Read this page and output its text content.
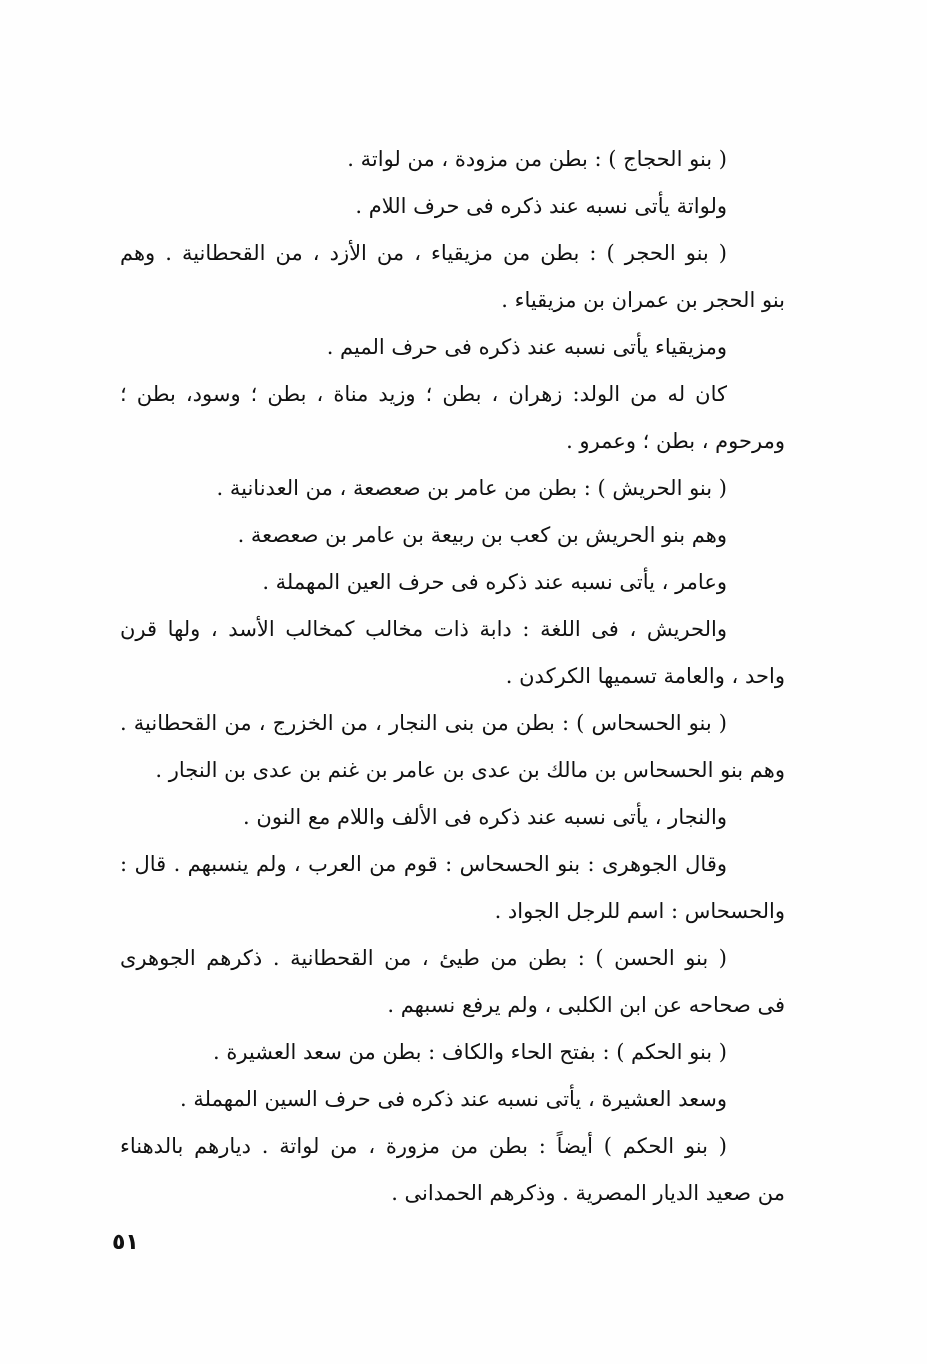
( بنو الحجاج ) : بطن من مزودة ، من لواتة .
ولواتة يأتى نسبه عند ذكره فى حرف اللام .
( بنو الحجر ) : بطن من مزيقياء ، من الأزد ، من القحطانية . وهم
بنو الحجر بن عمران بن مزيقياء .
ومزيقياء يأتى نسبه عند ذكره فى حرف الميم .
كان له من الولد: زهران ، بطن ؛ وزيد مناة ، بطن ؛ وسود، بطن ؛
ومرحوم ، بطن ؛ وعمرو .
( بنو الحريش ) : بطن من عامر بن صعصعة ، من العدنانية .
وهم بنو الحريش بن كعب بن ربيعة بن عامر بن صعصعة .
وعامر ، يأتى نسبه عند ذكره فى حرف العين المهملة .
والحريش ، فى اللغة : دابة ذات مخالب كمخالب الأسد ، ولها قرن
واحد ، والعامة تسميها الكركدن .
( بنو الحسحاس ) : بطن من بنى النجار ، من الخزرج ، من القحطانية .
وهم بنو الحسحاس بن مالك بن عدى بن عامر بن غنم بن عدى بن النجار .
والنجار ، يأتى نسبه عند ذكره فى الألف واللام مع النون .
وقال الجوهرى : بنو الحسحاس : قوم من العرب ، ولم ينسبهم . قال :
والحسحاس : اسم للرجل الجواد .
( بنو الحسن ) : بطن من طيئ ، من القحطانية . ذكرهم الجوهرى
فى صحاحه عن ابن الكلبى ، ولم يرفع نسبهم .
( بنو الحكم ) : بفتح الحاء والكاف : بطن من سعد العشيرة .
وسعد العشيرة ، يأتى نسبه عند ذكره فى حرف السين المهملة .
( بنو الحكم ) أيضاً : بطن من مزورة ، من لواتة . ديارهم بالدهناء
من صعيد الديار المصرية . وذكرهم الحمدانى .
٥١
